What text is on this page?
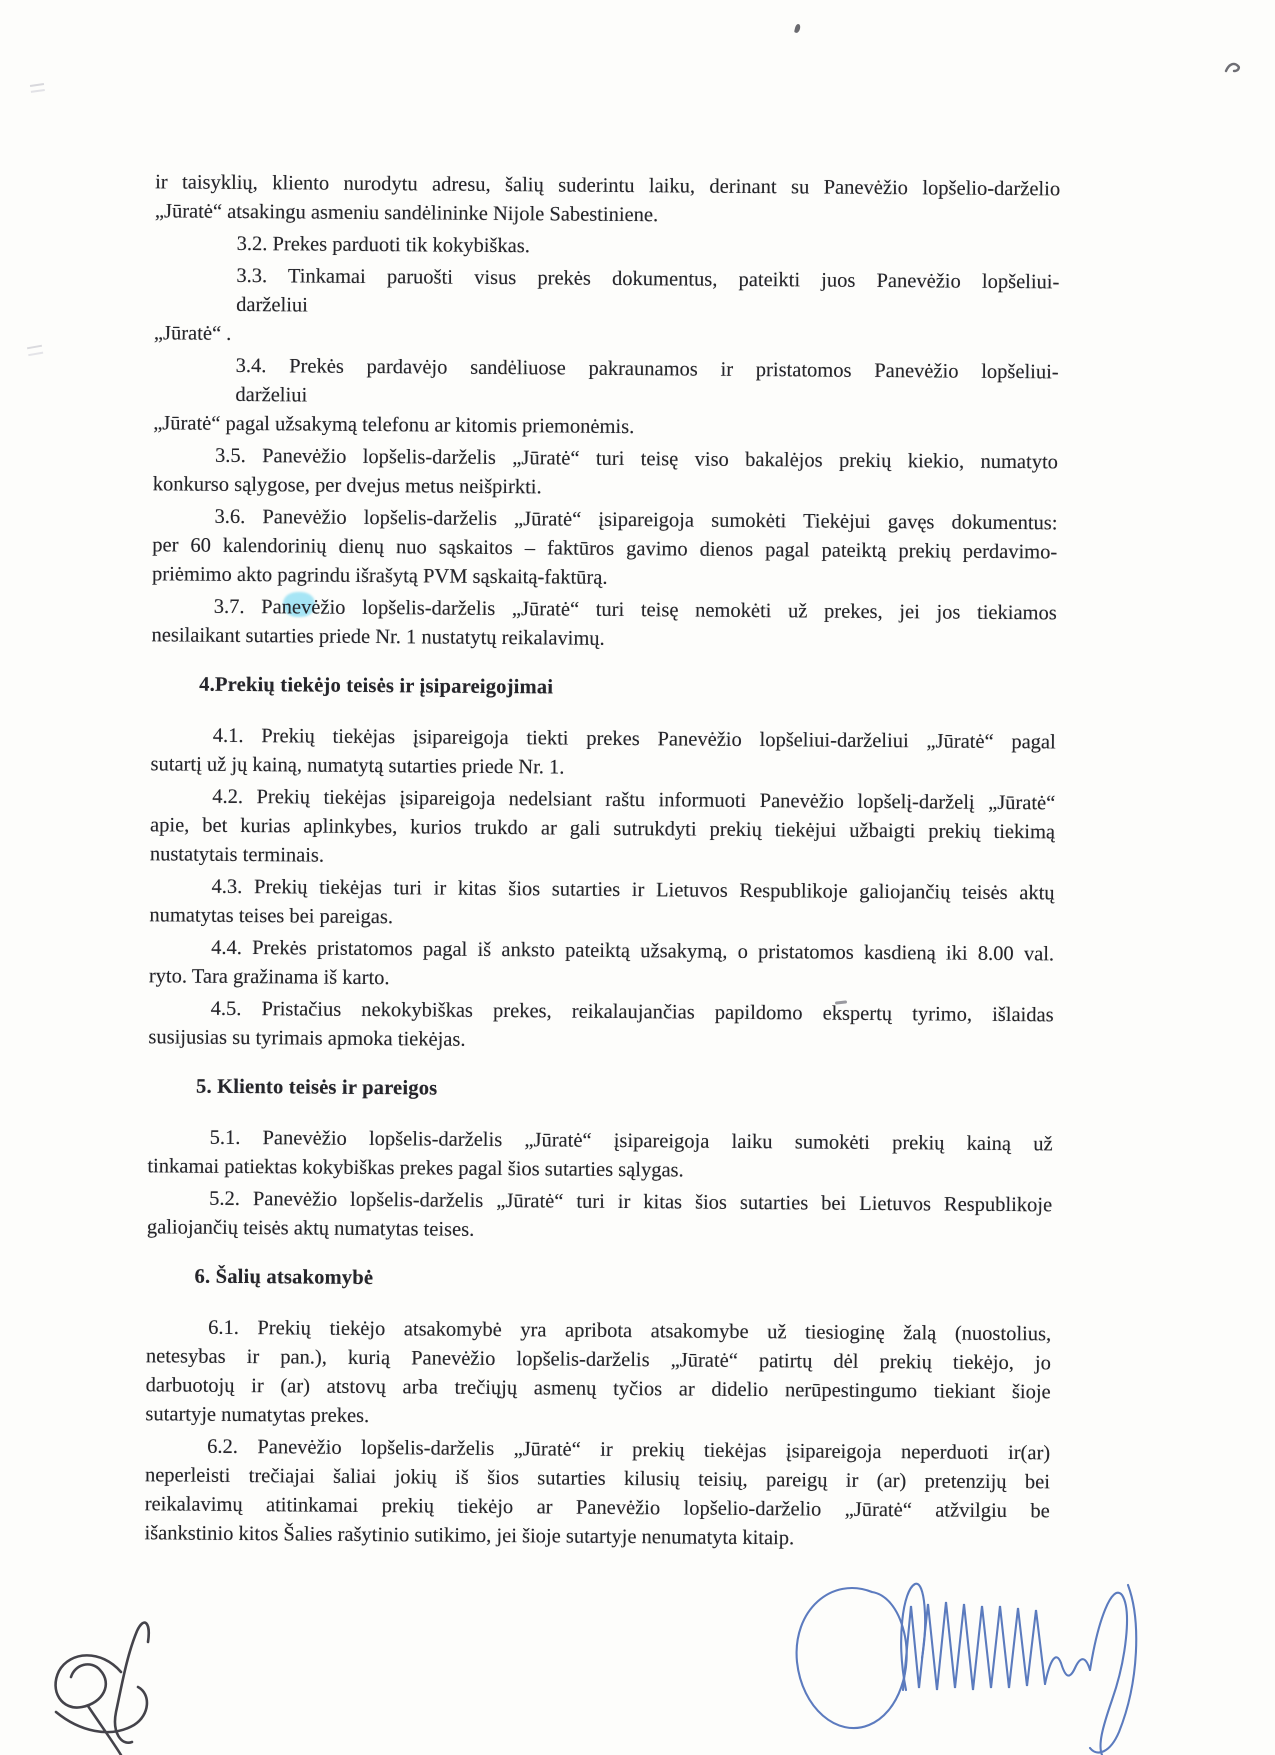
ir taisyklių, kliento nurodytu adresu, šalių suderintu laiku, derinant su Panevėžio lopšelio-darželio
„Jūratė“ atsakingu asmeniu sandėlininke Nijole Sabestiniene.
3.2. Prekes parduoti tik kokybiškas.
3.3. Tinkamai paruošti visus prekės dokumentus, pateikti juos Panevėžio lopšeliui-
darželiui
„Jūratė“ .
3.4. Prekės pardavėjo sandėliuose pakraunamos ir pristatomos Panevėžio lopšeliui-
darželiui
„Jūratė“ pagal užsakymą telefonu ar kitomis priemonėmis.
3.5. Panevėžio lopšelis-darželis „Jūratė“ turi teisę viso bakalėjos prekių kiekio, numatyto
konkurso sąlygose, per dvejus metus neišpirkti.
3.6. Panevėžio lopšelis-darželis „Jūratė“ įsipareigoja sumokėti Tiekėjui gavęs dokumentus:
per 60 kalendorinių dienų nuo sąskaitos – faktūros gavimo dienos pagal pateiktą prekių perdavimo-
priėmimo akto pagrindu išrašytą PVM sąskaitą-faktūrą.
3.7. Panevėžio lopšelis-darželis „Jūratė“ turi teisę nemokėti už prekes, jei jos tiekiamos
nesilaikant sutarties priede Nr. 1 nustatytų reikalavimų.
4.Prekių tiekėjo teisės ir įsipareigojimai
4.1. Prekių tiekėjas įsipareigoja tiekti prekes Panevėžio lopšeliui-darželiui „Jūratė“ pagal
sutartį už jų kainą, numatytą sutarties priede Nr. 1.
4.2. Prekių tiekėjas įsipareigoja nedelsiant raštu informuoti Panevėžio lopšelį-darželį „Jūratė“
apie, bet kurias aplinkybes, kurios trukdo ar gali sutrukdyti prekių tiekėjui užbaigti prekių tiekimą
nustatytais terminais.
4.3. Prekių tiekėjas turi ir kitas šios sutarties ir Lietuvos Respublikoje galiojančių teisės aktų
numatytas teises bei pareigas.
4.4. Prekės pristatomos pagal iš anksto pateiktą užsakymą, o pristatomos kasdieną iki 8.00 val.
ryto. Tara gražinama iš karto.
4.5. Pristačius nekokybiškas prekes, reikalaujančias papildomo ekspertų tyrimo, išlaidas
susijusias su tyrimais apmoka tiekėjas.
5. Kliento teisės ir pareigos
5.1. Panevėžio lopšelis-darželis „Jūratė“ įsipareigoja laiku sumokėti prekių kainą už
tinkamai patiektas kokybiškas prekes pagal šios sutarties sąlygas.
5.2. Panevėžio lopšelis-darželis „Jūratė“ turi ir kitas šios sutarties bei Lietuvos Respublikoje
galiojančių teisės aktų numatytas teises.
6. Šalių atsakomybė
6.1. Prekių tiekėjo atsakomybė yra apribota atsakomybe už tiesioginę žalą (nuostolius,
netesybas ir pan.), kurią Panevėžio lopšelis-darželis „Jūratė“ patirtų dėl prekių tiekėjo, jo
darbuotojų ir (ar) atstovų arba trečiųjų asmenų tyčios ar didelio nerūpestingumo tiekiant šioje
sutartyje numatytas prekes.
6.2. Panevėžio lopšelis-darželis „Jūratė“ ir prekių tiekėjas įsipareigoja neperduoti ir(ar)
neperleisti trečiajai šaliai jokių iš šios sutarties kilusių teisių, pareigų ir (ar) pretenzijų bei
reikalavimų atitinkamai prekių tiekėjo ar Panevėžio lopšelio-darželio „Jūratė“ atžvilgiu be
išankstinio kitos Šalies rašytinio sutikimo, jei šioje sutartyje nenumatyta kitaip.
